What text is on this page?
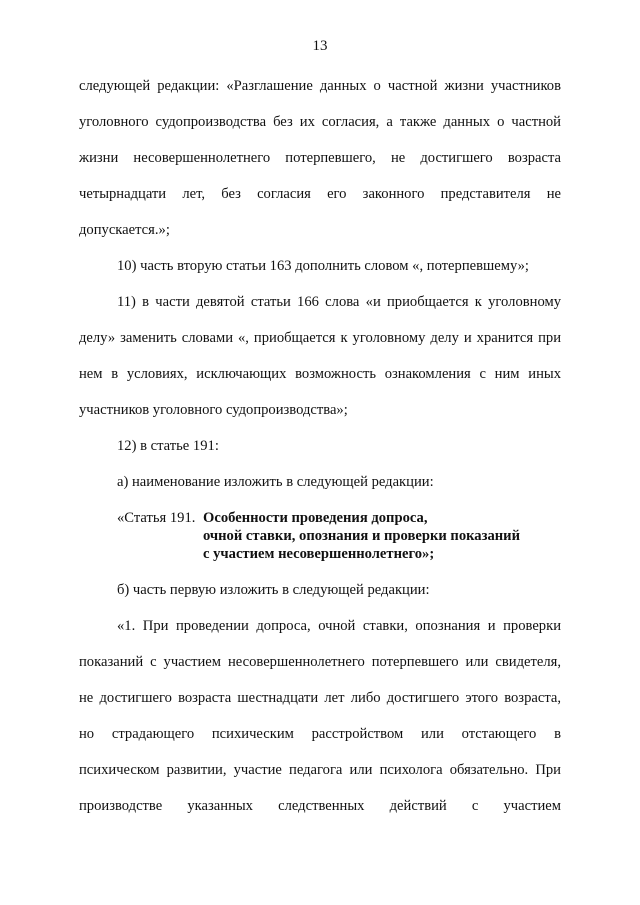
13
следующей редакции: «Разглашение данных о частной жизни участников
уголовного судопроизводства без их согласия, а также данных о частной
жизни несовершеннолетнего потерпевшего, не достигшего возраста
четырнадцати лет, без согласия его законного представителя не
допускается.»;
10) часть вторую статьи 163 дополнить словом «, потерпевшему»;
11) в части девятой статьи 166 слова «и приобщается к уголовному
делу» заменить словами «, приобщается к уголовному делу и хранится при
нем в условиях, исключающих возможность ознакомления с ним иных
участников уголовного судопроизводства»;
12) в статье 191:
а) наименование изложить в следующей редакции:
«Статья 191. Особенности проведения допроса,
очной ставки, опознания и проверки показаний
с участием несовершеннолетнего»;
б) часть первую изложить в следующей редакции:
«1. При проведении допроса, очной ставки, опознания и проверки
показаний с участием несовершеннолетнего потерпевшего или свидетеля,
не достигшего возраста шестнадцати лет либо достигшего этого возраста,
но страдающего психическим расстройством или отстающего в
психическом развитии, участие педагога или психолога обязательно. При
производстве указанных следственных действий с участием
